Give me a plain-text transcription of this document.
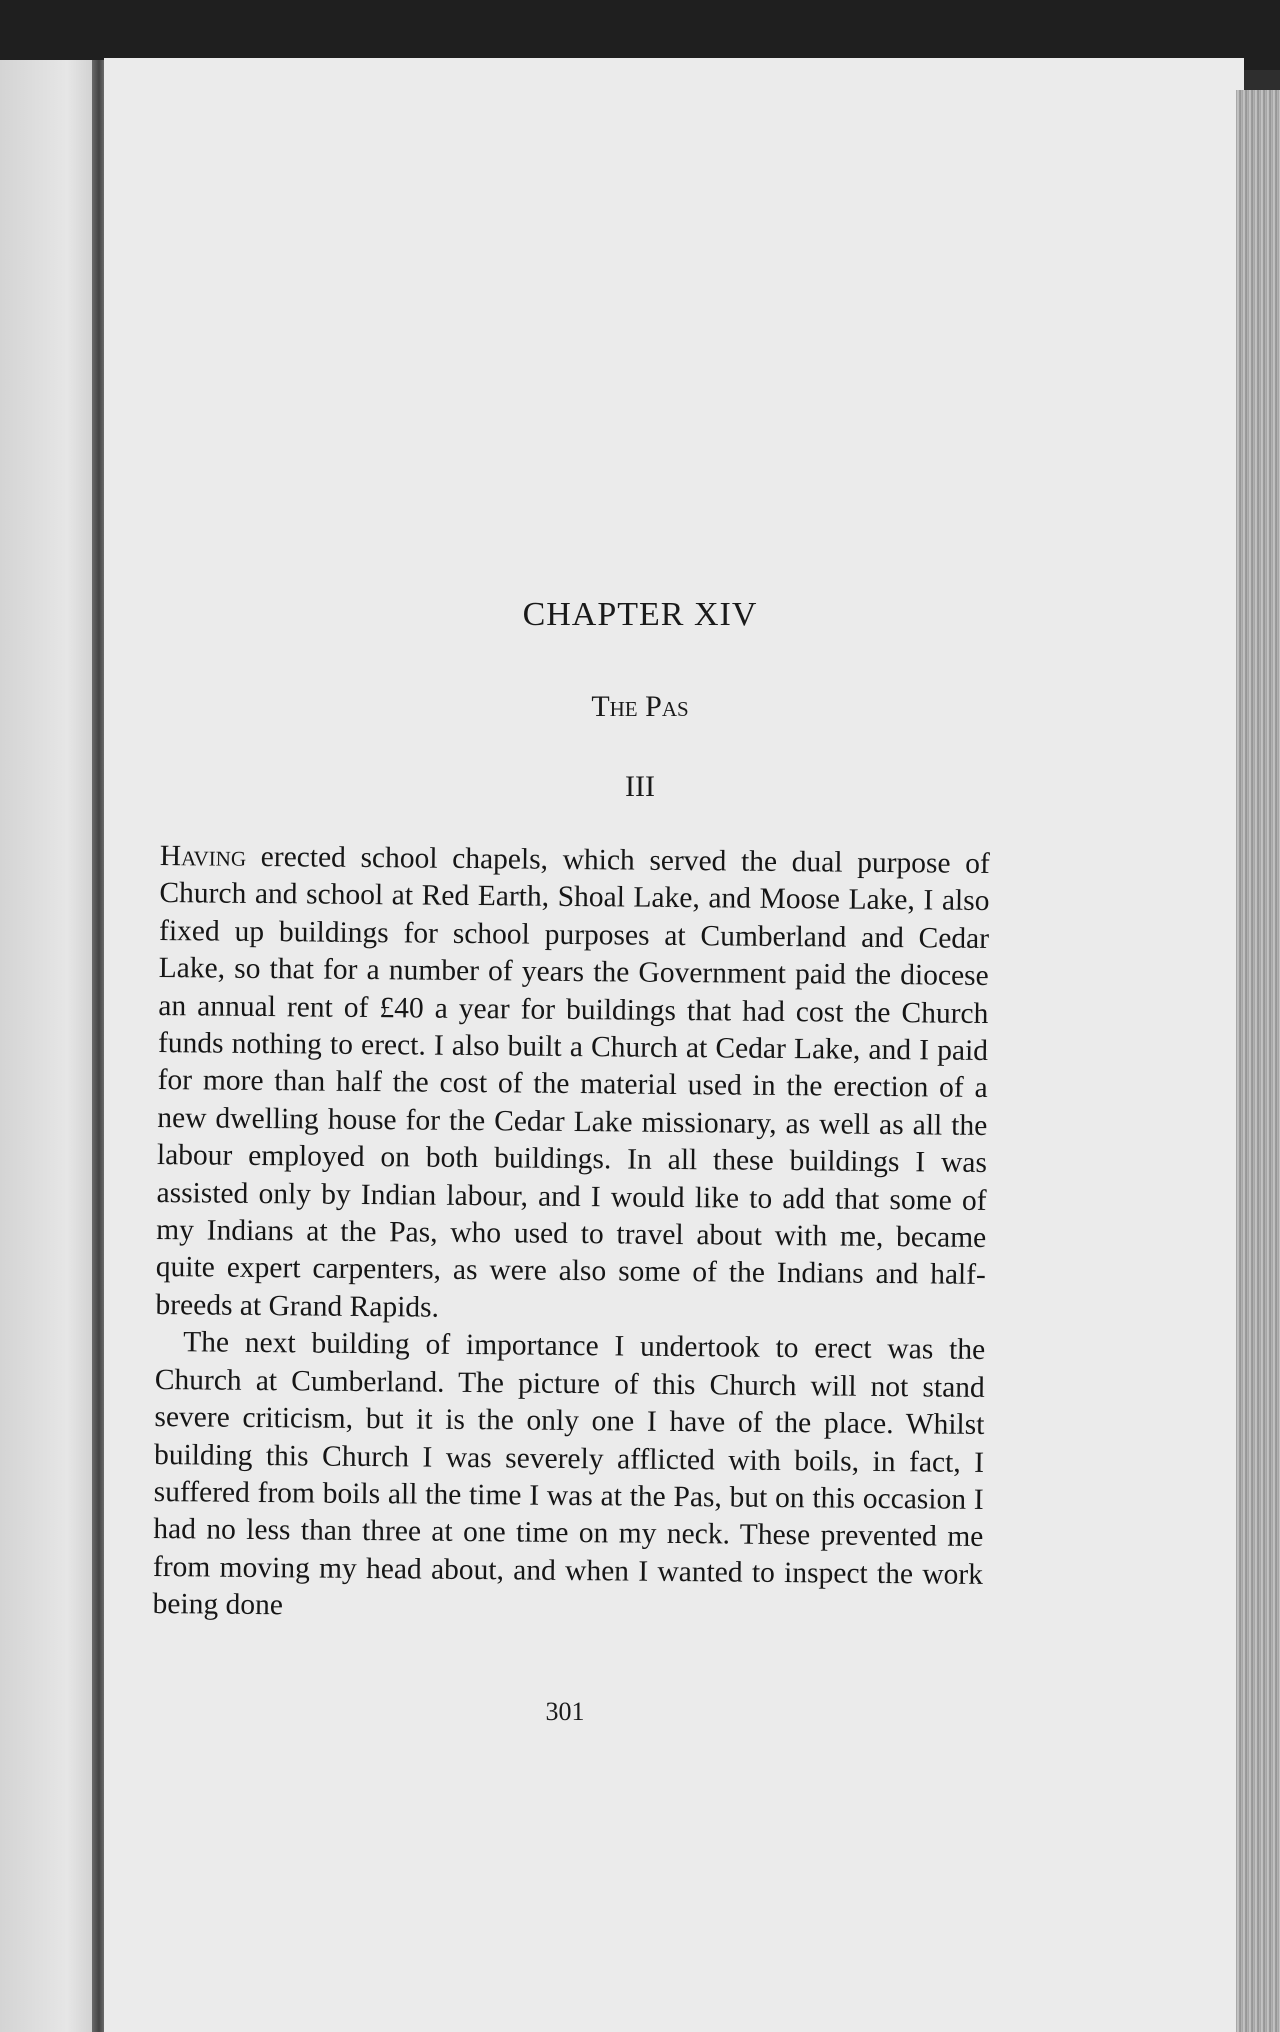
CHAPTER XIV
The Pas
III

Having erected school chapels, which served the dual purpose of Church and school at Red Earth, Shoal Lake, and Moose Lake, I also fixed up buildings for school purposes at Cumberland and Cedar Lake, so that for a number of years the Government paid the diocese an annual rent of £40 a year for buildings that had cost the Church funds nothing to erect. I also built a Church at Cedar Lake, and I paid for more than half the cost of the material used in the erection of a new dwelling house for the Cedar Lake missionary, as well as all the labour employed on both buildings. In all these buildings I was assisted only by Indian labour, and I would like to add that some of my Indians at the Pas, who used to travel about with me, became quite expert carpenters, as were also some of the Indians and half-breeds at Grand Rapids.

The next building of importance I undertook to erect was the Church at Cumberland. The picture of this Church will not stand severe criticism, but it is the only one I have of the place. Whilst building this Church I was severely afflicted with boils, in fact, I suffered from boils all the time I was at the Pas, but on this occasion I had no less than three at one time on my neck. These prevented me from moving my head about, and when I wanted to inspect the work being done

301
